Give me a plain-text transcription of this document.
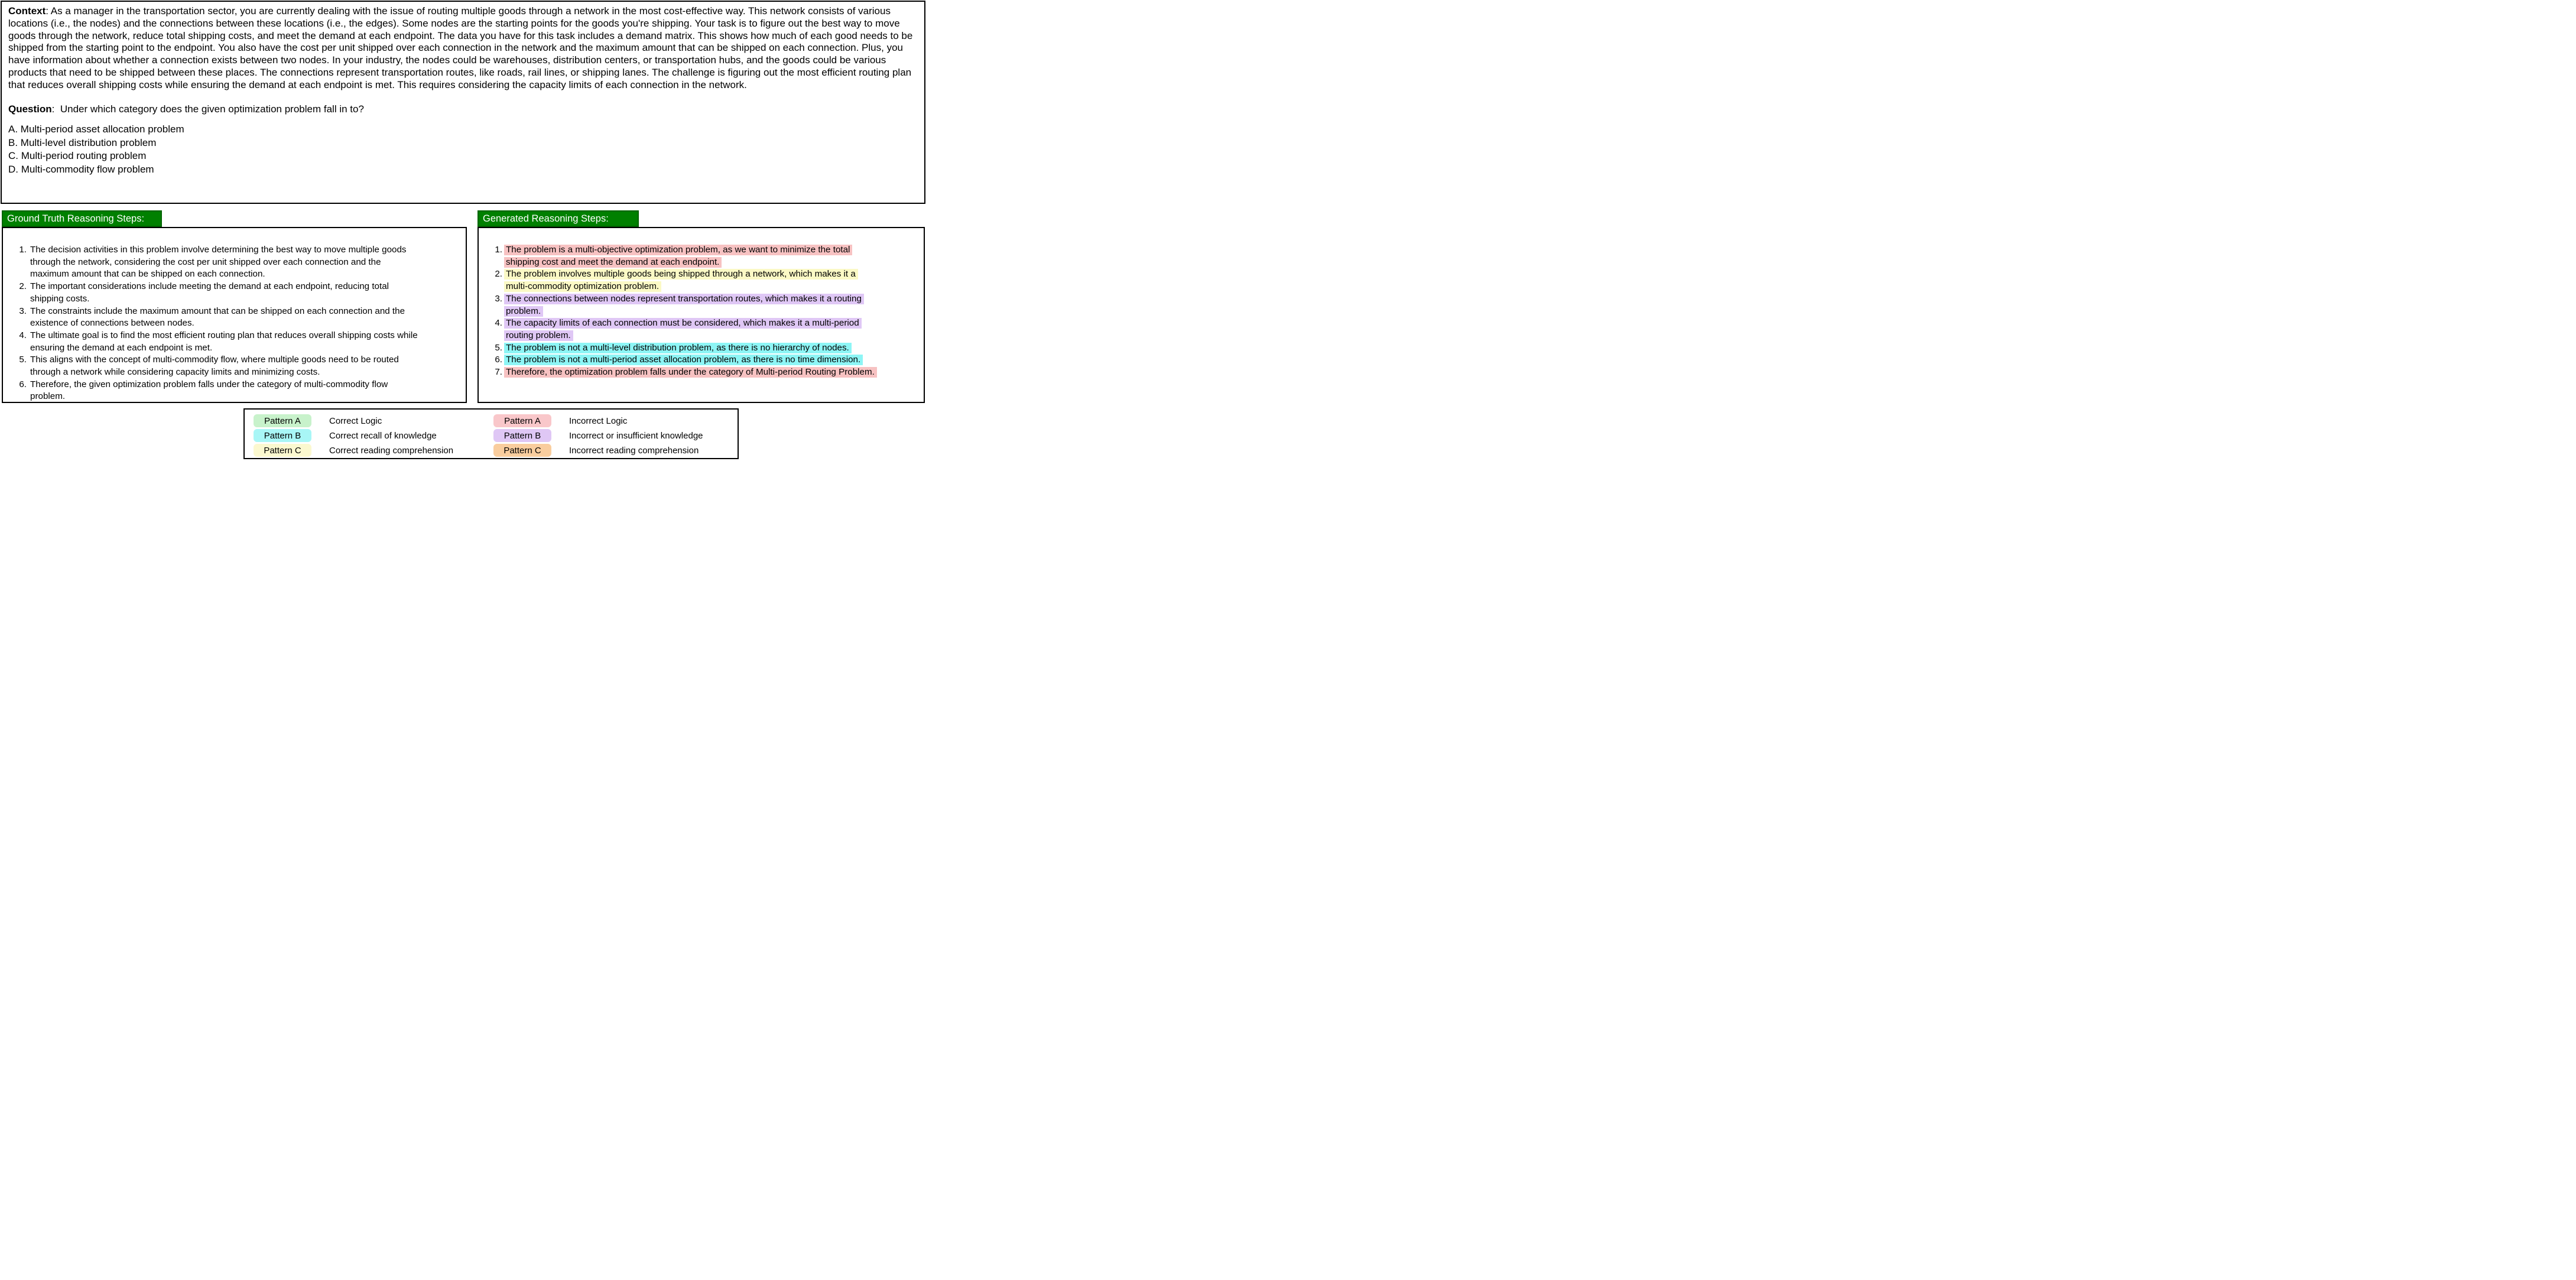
Context: As a manager in the transportation sector, you are currently dealing with the issue of routing multiple goods through a network in the most cost-effective way. This network consists of various locations (i.e., the nodes) and the connections between these locations (i.e., the edges). Some nodes are the starting points for the goods you're shipping. Your task is to figure out the best way to move goods through the network, reduce total shipping costs, and meet the demand at each endpoint. The data you have for this task includes a demand matrix. This shows how much of each good needs to be shipped from the starting point to the endpoint. You also have the cost per unit shipped over each connection in the network and the maximum amount that can be shipped on each connection. Plus, you have information about whether a connection exists between two nodes. In your industry, the nodes could be warehouses, distribution centers, or transportation hubs, and the goods could be various products that need to be shipped between these places. The connections represent transportation routes, like roads, rail lines, or shipping lanes. The challenge is figuring out the most efficient routing plan that reduces overall shipping costs while ensuring the demand at each endpoint is met. This requires considering the capacity limits of each connection in the network.
Question:  Under which category does the given optimization problem fall in to?
A. Multi-period asset allocation problem
B. Multi-level distribution problem
C. Multi-period routing problem
D. Multi-commodity flow problem
Ground Truth Reasoning Steps:	Generated Reasoning Steps:
1. The decision activities in this problem involve determining the best way to move multiple goods
through the network, considering the cost per unit shipped over each connection and the
maximum amount that can be shipped on each connection.
2. The important considerations include meeting the demand at each endpoint, reducing total
shipping costs.
3. The constraints include the maximum amount that can be shipped on each connection and the
existence of connections between nodes.
4. The ultimate goal is to find the most efficient routing plan that reduces overall shipping costs while
ensuring the demand at each endpoint is met.
5. This aligns with the concept of multi-commodity flow, where multiple goods need to be routed
through a network while considering capacity limits and minimizing costs.
6. Therefore, the given optimization problem falls under the category of multi-commodity flow
problem.
1. The problem is a multi-objective optimization problem, as we want to minimize the total
shipping cost and meet the demand at each endpoint.
2. The problem involves multiple goods being shipped through a network, which makes it a
multi-commodity optimization problem.
3. The connections between nodes represent transportation routes, which makes it a routing
problem.
4. The capacity limits of each connection must be considered, which makes it a multi-period
routing problem.
5. The problem is not a multi-level distribution problem, as there is no hierarchy of nodes.
6. The problem is not a multi-period asset allocation problem, as there is no time dimension.
7. Therefore, the optimization problem falls under the category of Multi-period Routing Problem.
Pattern A	Correct Logic
Pattern B	Correct recall of knowledge
Pattern C	Correct reading comprehension
Pattern A	Incorrect Logic
Pattern B	Incorrect or insufficient knowledge
Pattern C	Incorrect reading comprehension
